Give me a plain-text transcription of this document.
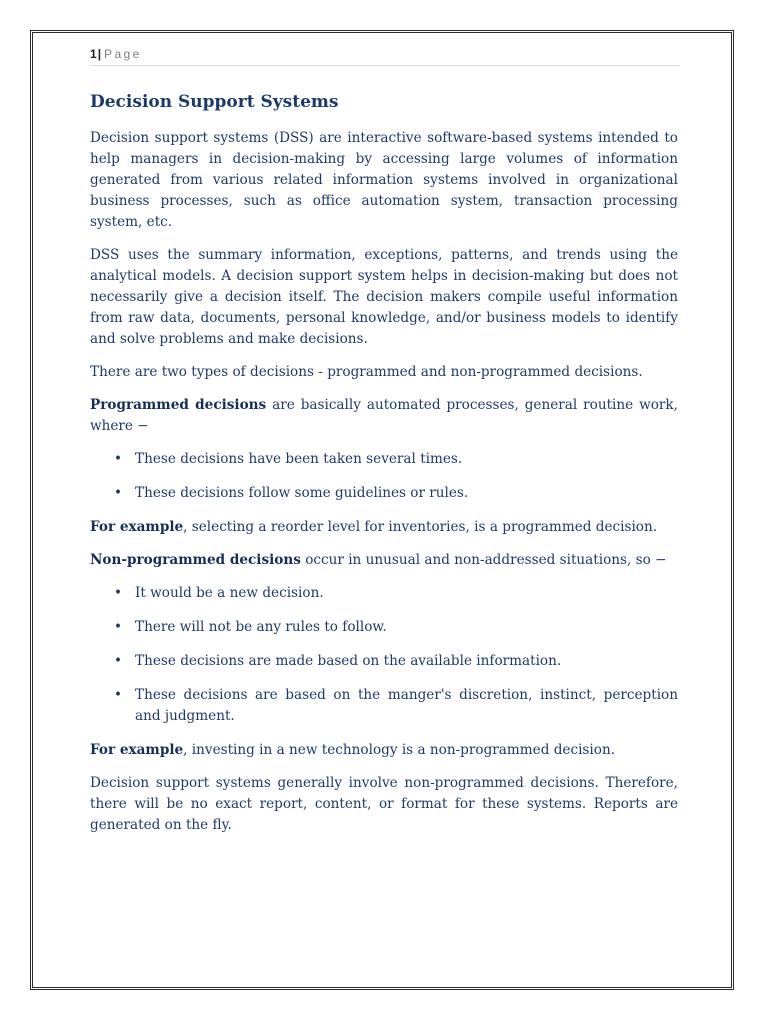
1| Page
Decision Support Systems

Decision support systems (DSS) are interactive software-based systems intended to help managers in decision-making by accessing large volumes of information generated from various related information systems involved in organizational business processes, such as office automation system, transaction processing system, etc.

DSS uses the summary information, exceptions, patterns, and trends using the analytical models. A decision support system helps in decision-making but does not necessarily give a decision itself. The decision makers compile useful information from raw data, documents, personal knowledge, and/or business models to identify and solve problems and make decisions.

There are two types of decisions - programmed and non-programmed decisions.

Programmed decisions are basically automated processes, general routine work, where −

• These decisions have been taken several times.
• These decisions follow some guidelines or rules.

For example, selecting a reorder level for inventories, is a programmed decision.

Non-programmed decisions occur in unusual and non-addressed situations, so −

• It would be a new decision.
• There will not be any rules to follow.
• These decisions are made based on the available information.
• These decisions are based on the manger's discretion, instinct, perception and judgment.

For example, investing in a new technology is a non-programmed decision.

Decision support systems generally involve non-programmed decisions. Therefore, there will be no exact report, content, or format for these systems. Reports are generated on the fly.
